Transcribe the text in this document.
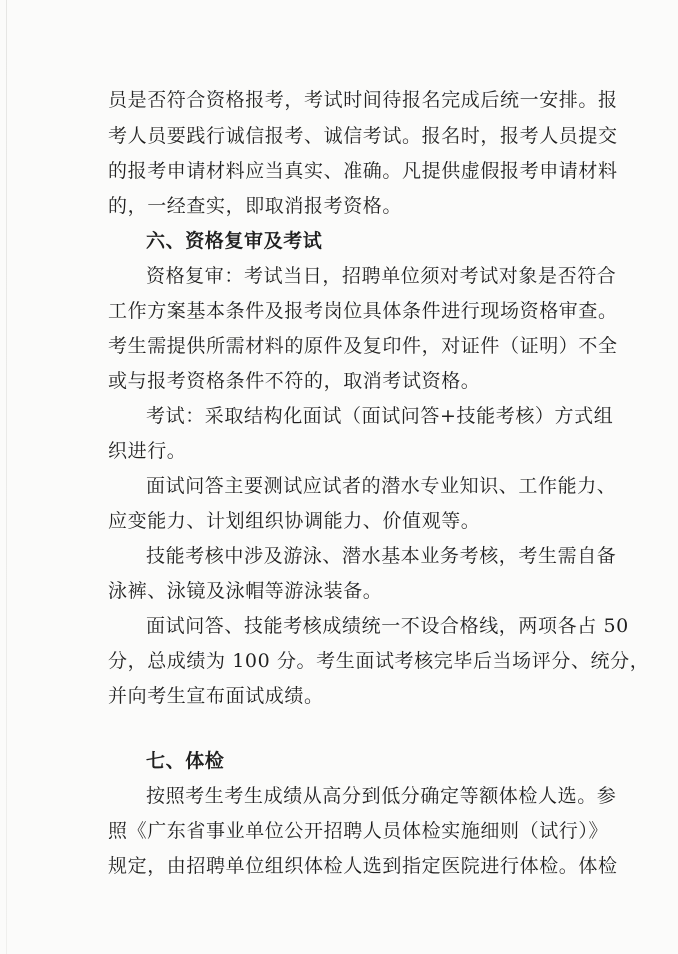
员是否符合资格报考，考试时间待报名完成后统一安排。报
考人员要践行诚信报考、诚信考试。报名时，报考人员提交
的报考申请材料应当真实、准确。凡提供虚假报考申请材料
的，一经查实，即取消报考资格。
六、资格复审及考试
资格复审：考试当日，招聘单位须对考试对象是否符合
工作方案基本条件及报考岗位具体条件进行现场资格审查。
考生需提供所需材料的原件及复印件，对证件（证明）不全
或与报考资格条件不符的，取消考试资格。
考试：采取结构化面试（面试问答+技能考核）方式组
织进行。
面试问答主要测试应试者的潜水专业知识、工作能力、
应变能力、计划组织协调能力、价值观等。
技能考核中涉及游泳、潜水基本业务考核，考生需自备
泳裤、泳镜及泳帽等游泳装备。
面试问答、技能考核成绩统一不设合格线，两项各占 50
分，总成绩为 100 分。考生面试考核完毕后当场评分、统分，
并向考生宣布面试成绩。
七、体检
按照考生考生成绩从高分到低分确定等额体检人选。参
照《广东省事业单位公开招聘人员体检实施细则（试行）》
规定，由招聘单位组织体检人选到指定医院进行体检。体检
